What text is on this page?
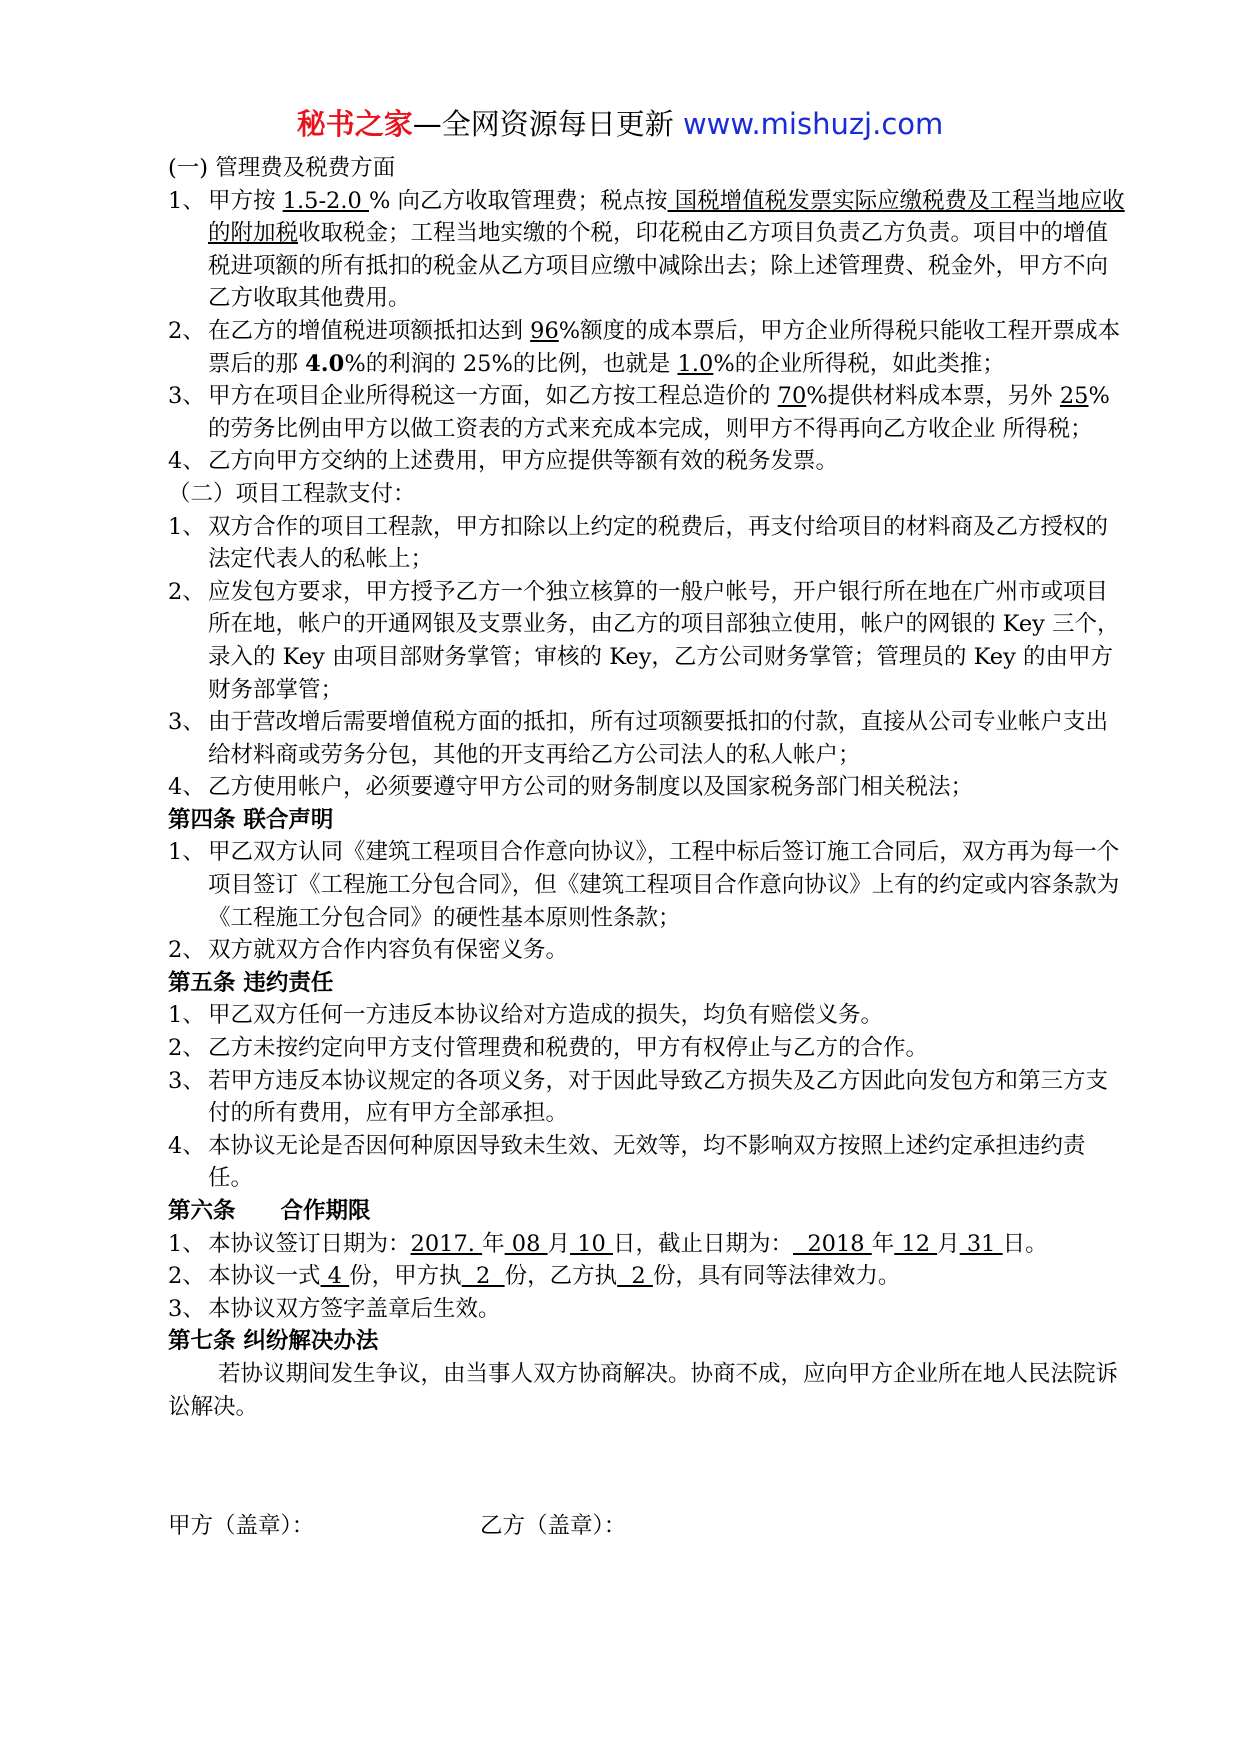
秘书之家—全网资源每日更新 www.mishuzj.com

(一) 管理费及税费方面

1、 甲方按 1.5-2.0 % 向乙方收取管理费；税点按 国税增值税发票实际应缴税费及工程当地应收的附加税收取税金；工程当地实缴的个税，印花税由乙方项目负责乙方负责。项目中的增值税进项额的所有抵扣的税金从乙方项目应缴中减除出去；除上述管理费、税金外，甲方不向乙方收取其他费用。
2、 在乙方的增值税进项额抵扣达到 96%额度的成本票后，甲方企业所得税只能收工程开票成本票后的那 4.0%的利润的 25%的比例，也就是 1.0%的企业所得税，如此类推；
3、 甲方在项目企业所得税这一方面，如乙方按工程总造价的 70%提供材料成本票，另外 25%的劳务比例由甲方以做工资表的方式来充成本完成，则甲方不得再向乙方收企业 所得税；
4、 乙方向甲方交纳的上述费用，甲方应提供等额有效的税务发票。

（二）项目工程款支付：

1、 双方合作的项目工程款，甲方扣除以上约定的税费后，再支付给项目的材料商及乙方授权的法定代表人的私帐上；
2、 应发包方要求，甲方授予乙方一个独立核算的一般户帐号，开户银行所在地在广州市或项目所在地，帐户的开通网银及支票业务，由乙方的项目部独立使用，帐户的网银的 Key 三个，录入的 Key 由项目部财务掌管；审核的 Key，乙方公司财务掌管；管理员的 Key 的由甲方财务部掌管；
3、 由于营改增后需要增值税方面的抵扣，所有过项额要抵扣的付款，直接从公司专业帐户支出给材料商或劳务分包，其他的开支再给乙方公司法人的私人帐户；
4、 乙方使用帐户，必须要遵守甲方公司的财务制度以及国家税务部门相关税法；

第四条 联合声明

1、 甲乙双方认同《建筑工程项目合作意向协议》，工程中标后签订施工合同后，双方再为每一个项目签订《工程施工分包合同》，但《建筑工程项目合作意向协议》上有的约定或内容条款为《工程施工分包合同》的硬性基本原则性条款；
2、 双方就双方合作内容负有保密义务。

第五条 违约责任

1、 甲乙双方任何一方违反本协议给对方造成的损失，均负有赔偿义务。
2、 乙方未按约定向甲方支付管理费和税费的，甲方有权停止与乙方的合作。
3、 若甲方违反本协议规定的各项义务，对于因此导致乙方损失及乙方因此向发包方和第三方支付的所有费用，应有甲方全部承担。
4、 本协议无论是否因何种原因导致未生效、无效等，均不影响双方按照上述约定承担违约责任。

第六条　　合作期限

1、 本协议签订日期为：2017. 年 08 月 10 日，截止日期为：  2018 年 12 月 31 日。
2、 本协议一式 4 份，甲方执  2  份，乙方执  2 份，具有同等法律效力。
3、 本协议双方签字盖章后生效。

第七条 纠纷解决办法

若协议期间发生争议，由当事人双方协商解决。协商不成，应向甲方企业所在地人民法院诉讼解决。

甲方（盖章）：	乙方（盖章）：
